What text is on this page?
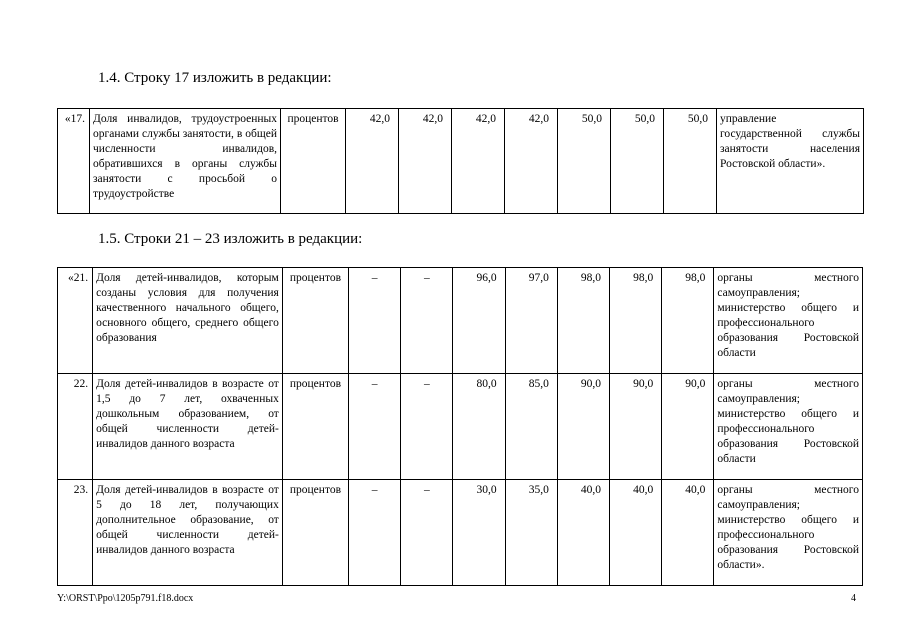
1.4. Строку 17 изложить в редакции:
«17.	Доля инвалидов, трудоустроенных органами службы занятости, в общей численности инвалидов, обратившихся в органы службы занятости с просьбой о трудоустройстве	процентов	42,0	42,0	42,0	42,0	50,0	50,0	50,0	управление государственной службы занятости населения Ростовской области».
1.5. Строки 21 – 23 изложить в редакции:
«21.	Доля детей-инвалидов, которым созданы условия для получения качественного начального общего, основного общего, среднего общего образования	процентов	–	–	96,0	97,0	98,0	98,0	98,0	органы местного самоуправления; министерство общего и профессионального образования Ростовской области
22.	Доля детей-инвалидов в возрасте от 1,5 до 7 лет, охваченных дошкольным образованием, от общей численности детей-инвалидов данного возраста	процентов	–	–	80,0	85,0	90,0	90,0	90,0	органы местного самоуправления; министерство общего и профессионального образования Ростовской области
23.	Доля детей-инвалидов в возрасте от 5 до 18 лет, получающих дополнительное образование, от общей численности детей-инвалидов данного возраста	процентов	–	–	30,0	35,0	40,0	40,0	40,0	органы местного самоуправления; министерство общего и профессионального образования Ростовской области».
Y:\ORST\Ppo\1205p791.f18.docx	4
